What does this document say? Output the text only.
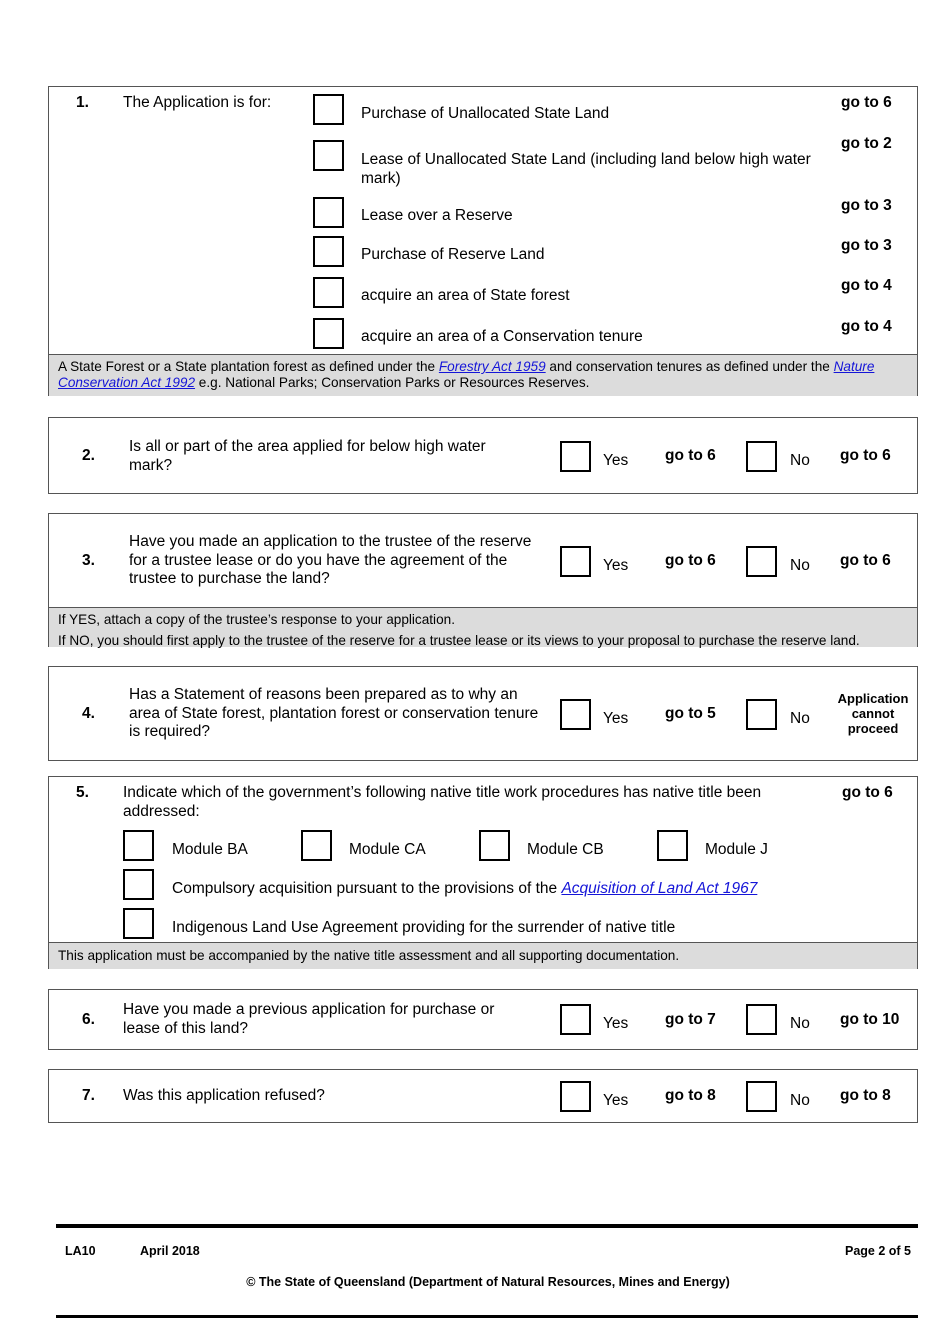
1. The Application is for:
Purchase of Unallocated State Land
go to 6
Lease of Unallocated State Land (including land below high water mark)
go to 2
Lease over a Reserve
go to 3
Purchase of Reserve Land
go to 3
acquire an area of State forest
go to 4
acquire an area of a Conservation tenure
go to 4
A State Forest or a State plantation forest as defined under the Forestry Act 1959 and conservation tenures as defined under the Nature Conservation Act 1992 e.g. National Parks; Conservation Parks or Resources Reserves.
2.
Is all or part of the area applied for below high water mark?	Yes go to 6	No go to 6
3.
Have you made an application to the trustee of the reserve for a trustee lease or do you have the agreement of the trustee to purchase the land?
Yes go to 6	No go to 6
If YES, attach a copy of the trustee’s response to your application.
If NO, you should first apply to the trustee of the reserve for a trustee lease or its views to your proposal to purchase the reserve land.
4.
Has a Statement of reasons been prepared as to why an area of State forest, plantation forest or conservation tenure is required?
Yes go to 5	No
Application cannot proceed
5. Indicate which of the government’s following native title work procedures has native title been addressed:
go to 6
Module BA	Module CA	Module CB	Module J
Compulsory acquisition pursuant to the provisions of the Acquisition of Land Act 1967
Indigenous Land Use Agreement providing for the surrender of native title
This application must be accompanied by the native title assessment and all supporting documentation.
6.
Have you made a previous application for purchase or lease of this land?	Yes go to 7	No go to 10
7. Was this application refused?	Yes go to 8	No go to 8
LA10	April 2018	Page 2 of 5
© The State of Queensland (Department of Natural Resources, Mines and Energy)
